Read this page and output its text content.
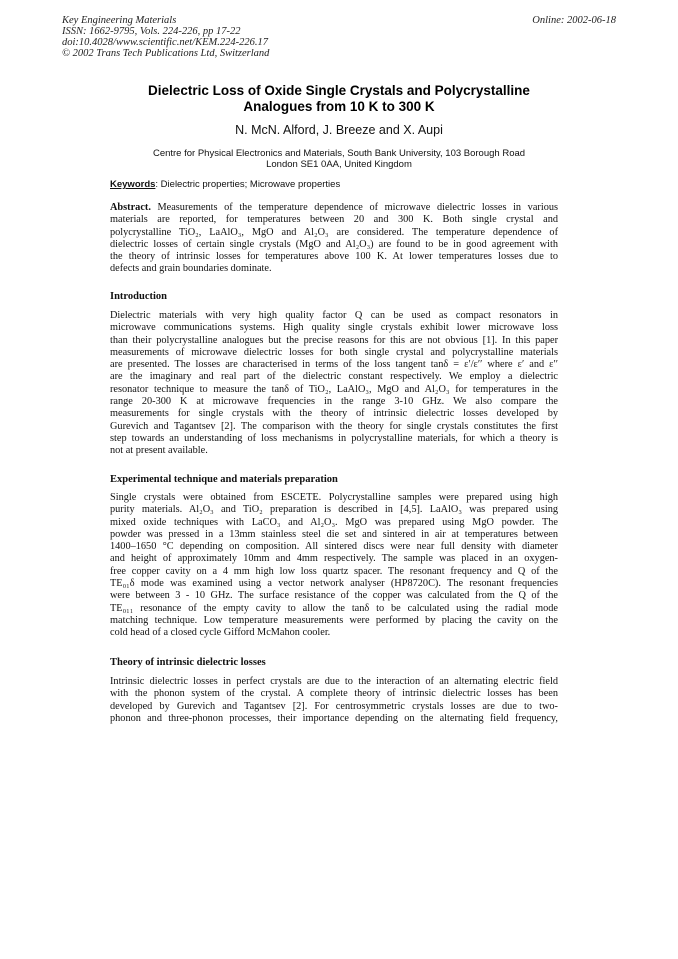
Key Engineering Materials
ISSN: 1662-9795, Vols. 224-226, pp 17-22
doi:10.4028/www.scientific.net/KEM.224-226.17
© 2002 Trans Tech Publications Ltd, Switzerland
Online: 2002-06-18
Dielectric Loss of Oxide Single Crystals and Polycrystalline
Analogues from 10 K to 300 K
N. McN. Alford, J. Breeze and X. Aupi
Centre for Physical Electronics and Materials, South Bank University, 103 Borough Road
London SE1 0AA, United Kingdom
Keywords: Dielectric properties; Microwave properties
Abstract. Measurements of the temperature dependence of microwave dielectric losses in various
materials are reported, for temperatures between 20 and 300 K. Both single crystal and
polycrystalline TiO₂, LaAlO₃, MgO and Al₂O₃ are considered. The temperature dependence of
dielectric losses of certain single crystals (MgO and Al₂O₃) are found to be in good agreement with
the theory of intrinsic losses for temperatures above 100 K. At lower temperatures losses due to
defects and grain boundaries dominate.
Introduction
Dielectric materials with very high quality factor Q can be used as compact resonators in
microwave communications systems. High quality single crystals exhibit lower microwave loss
than their polycrystalline analogues but the precise reasons for this are not obvious [1]. In this paper
measurements of microwave dielectric losses for both single crystal and polycrystalline materials
are presented. The losses are characterised in terms of the loss tangent tanδ = ε′/ε′′ where ε′ and ε′′
are the imaginary and real part of the dielectric constant respectively. We employ a dielectric
resonator technique to measure the tanδ of TiO₂, LaAlO₃, MgO and Al₂O₃ for temperatures in the
range 20-300 K at microwave frequencies in the range 3-10 GHz. We also compare the
measurements for single crystals with the theory of intrinsic dielectric losses developed by
Gurevich and Tagantsev [2]. The comparison with the theory for single crystals constitutes the first
step towards an understanding of loss mechanisms in polycrystalline materials, for which a theory is
not at present available.
Experimental technique and materials preparation
Single crystals were obtained from ESCETE. Polycrystalline samples were prepared using high
purity materials. Al₂O₃ and TiO₂ preparation is described in [4,5]. LaAlO₃ was prepared using
mixed oxide techniques with LaCO₃ and Al₂O₃. MgO was prepared using MgO powder. The
powder was pressed in a 13mm stainless steel die set and sintered in air at temperatures between
1400–1650 °C depending on composition. All sintered discs were near full density with diameter
and height of approximately 10mm and 4mm respectively. The sample was placed in an oxygen-
free copper cavity on a 4 mm high low loss quartz spacer. The resonant frequency and Q of the
TE₀₁δ mode was examined using a vector network analyser (HP8720C). The resonant frequencies
were between 3 - 10 GHz. The surface resistance of the copper was calculated from the Q of the
TE₀₁₁ resonance of the empty cavity to allow the tanδ to be calculated using the radial mode
matching technique. Low temperature measurements were performed by placing the cavity on the
cold head of a closed cycle Gifford McMahon cooler.
Theory of intrinsic dielectric losses
Intrinsic dielectric losses in perfect crystals are due to the interaction of an alternating electric field
with the phonon system of the crystal. A complete theory of intrinsic dielectric losses has been
developed by Gurevich and Tagantsev [2]. For centrosymmetric crystals losses are due to two-
phonon and three-phonon processes, their importance depending on the alternating field frequency,
